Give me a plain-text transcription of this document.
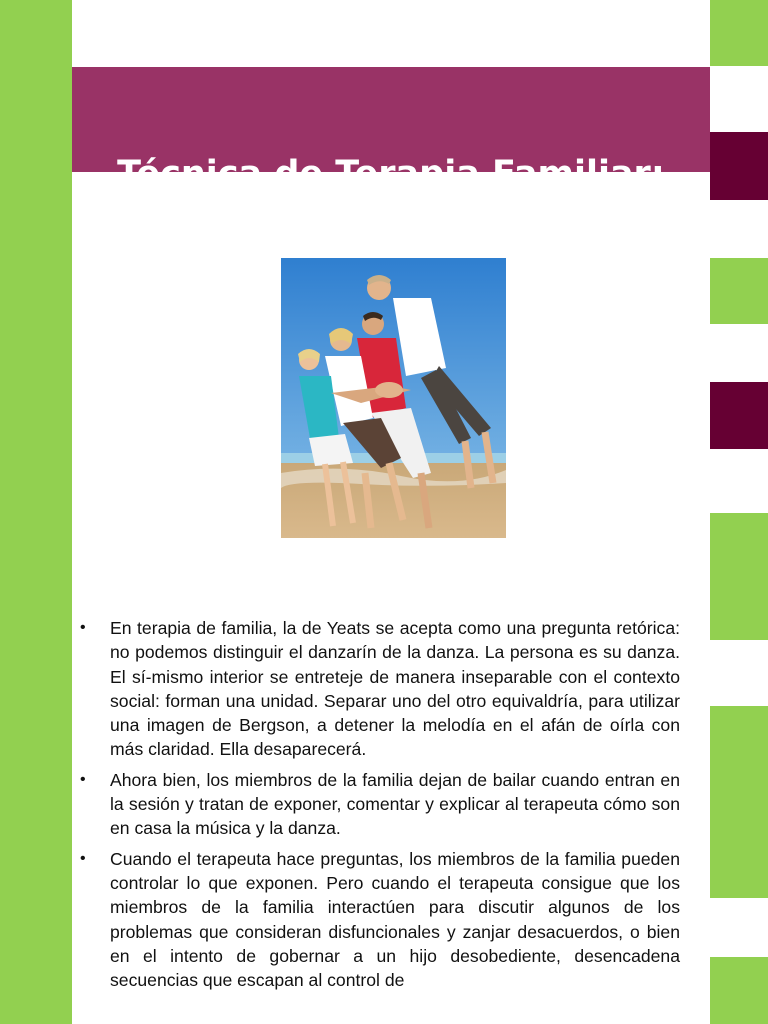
Técnica de Terapia Familiar:
Escenificación
• En terapia de familia, la de Yeats se acepta como una pregunta retórica: no podemos distinguir el danzarín de la danza. La persona es su danza. El sí-mismo interior se entreteje de manera inseparable con el contexto social: forman una unidad. Separar uno del otro equivaldría, para utilizar una imagen de Bergson, a detener la melodía en el afán de oírla con más claridad. Ella desaparecerá.
• Ahora bien, los miembros de la familia dejan de bailar cuando entran en la sesión y tratan de exponer, comentar y explicar al terapeuta cómo son en casa la música y la danza.
• Cuando el terapeuta hace preguntas, los miembros de la familia pueden controlar lo que exponen. Pero cuando el terapeuta consigue que los miembros de la familia interactúen para discutir algunos de los problemas que consideran disfuncionales y zanjar desacuerdos, o bien en el intento de gobernar a un hijo desobediente, desencadena secuencias que escapan al control de
